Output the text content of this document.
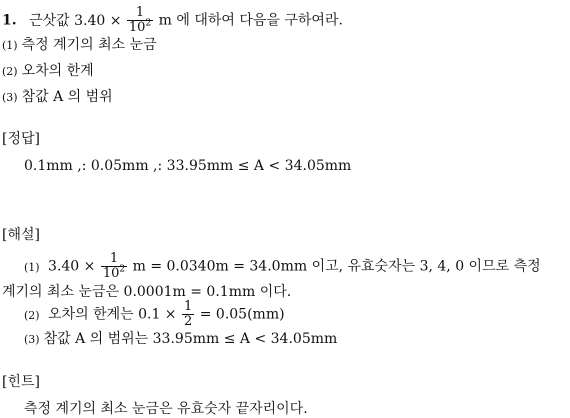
1. 근삿값 $3.40 \times \frac{1}{10^2}$ m 에 대하여 다음을 구하여라.
(1) 측정 계기의 최소 눈금
(2) 오차의 한계
(3) 참값 A 의 범위
[정답]
0.1mm ,: 0.05mm ,: 33.95mm ≤ A < 34.05mm
[해설]
(1) $3.40 \times \frac{1}{10^2}$ m = 0.0340m = 34.0mm 이고, 유효숫자는 3, 4, 0 이므로 측정
계기의 최소 눈금은 0.0001m = 0.1mm 이다.
(2) 오차의 한계는 $0.1 \times \frac{1}{2} = 0.05(mm)$
(3) 참값 A 의 범위는 33.95mm ≤ A < 34.05mm
[힌트]
측정 계기의 최소 눈금은 유효숫자 끝자리이다.
